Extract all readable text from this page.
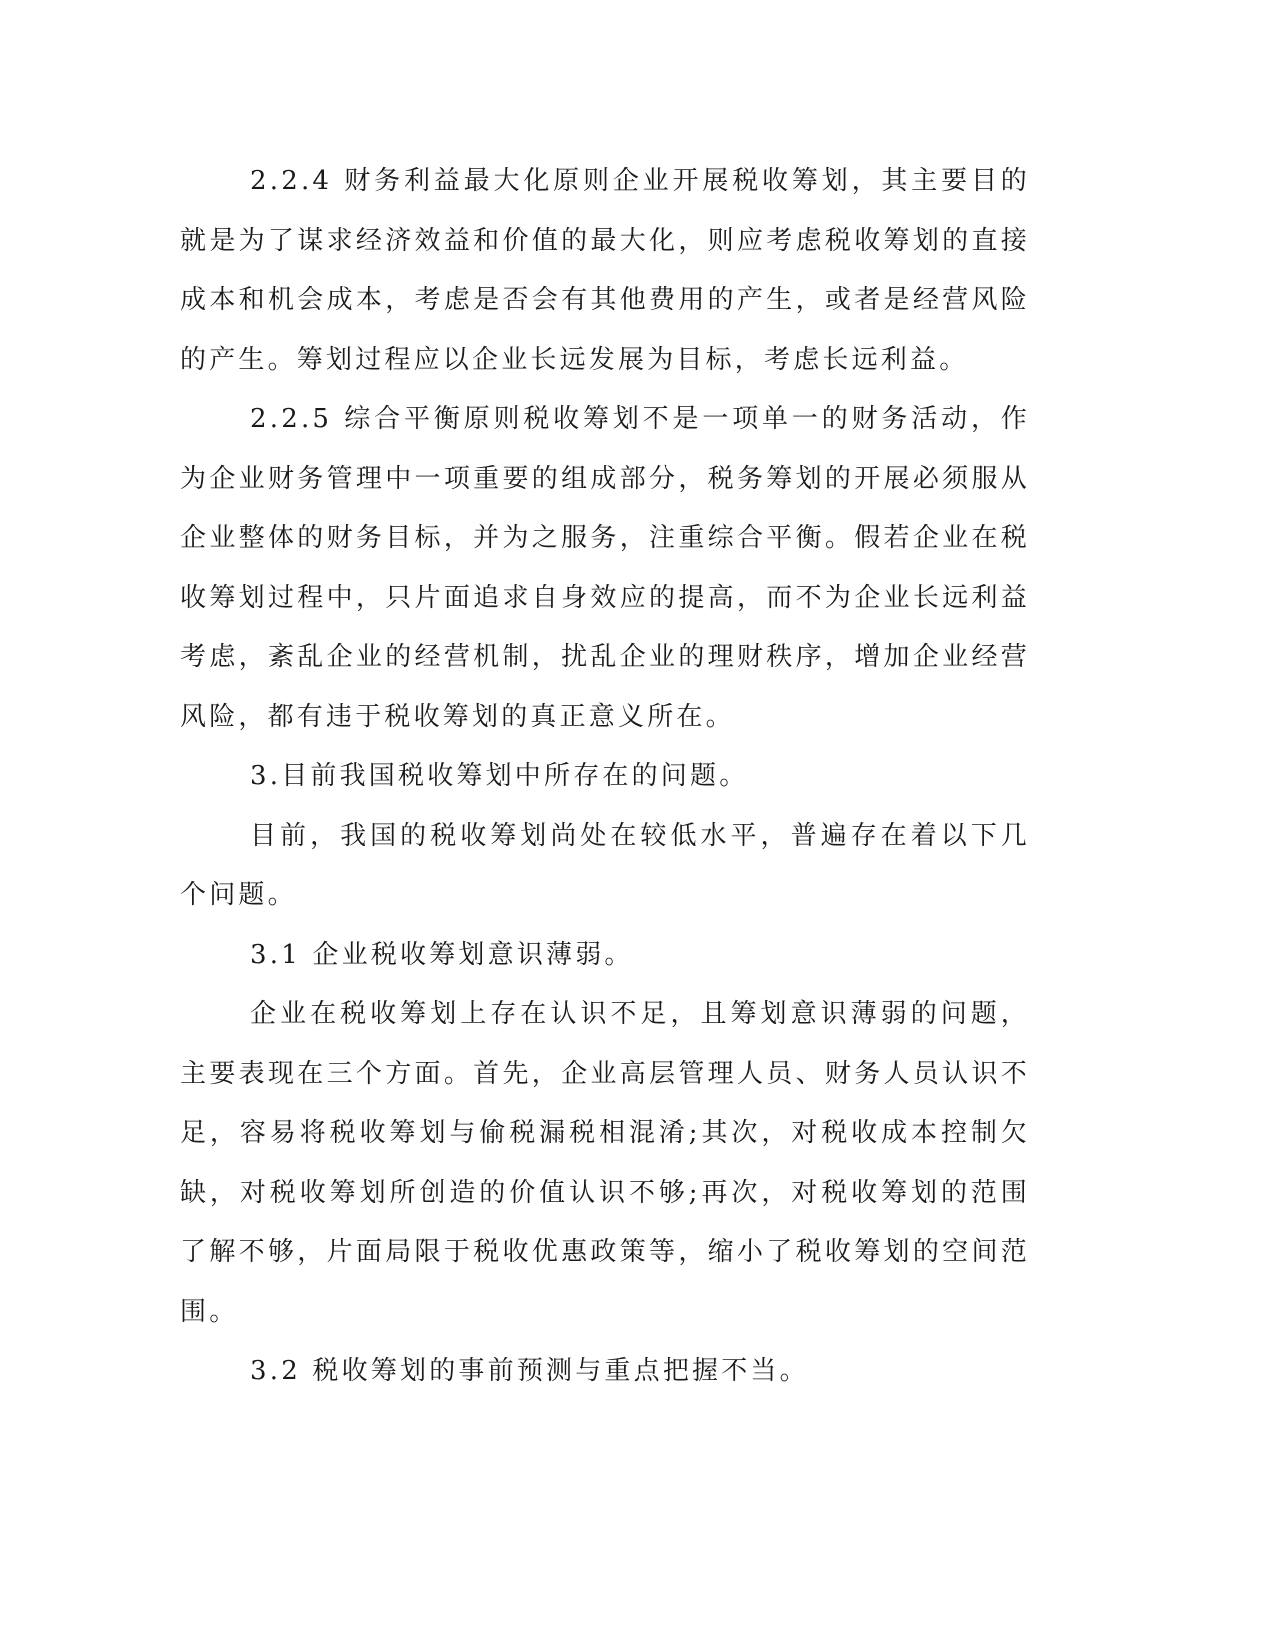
2.2.4 财务利益最大化原则企业开展税收筹划，其主要目的就是为了谋求经济效益和价值的最大化，则应考虑税收筹划的直接成本和机会成本，考虑是否会有其他费用的产生，或者是经营风险的产生。筹划过程应以企业长远发展为目标，考虑长远利益。

2.2.5 综合平衡原则税收筹划不是一项单一的财务活动，作为企业财务管理中一项重要的组成部分，税务筹划的开展必须服从企业整体的财务目标，并为之服务，注重综合平衡。假若企业在税收筹划过程中，只片面追求自身效应的提高，而不为企业长远利益考虑，紊乱企业的经营机制，扰乱企业的理财秩序，增加企业经营风险，都有违于税收筹划的真正意义所在。

3.目前我国税收筹划中所存在的问题。

目前，我国的税收筹划尚处在较低水平，普遍存在着以下几个问题。

3.1 企业税收筹划意识薄弱。

企业在税收筹划上存在认识不足，且筹划意识薄弱的问题，主要表现在三个方面。首先，企业高层管理人员、财务人员认识不足，容易将税收筹划与偷税漏税相混淆;其次，对税收成本控制欠缺，对税收筹划所创造的价值认识不够;再次，对税收筹划的范围了解不够，片面局限于税收优惠政策等，缩小了税收筹划的空间范围。

3.2 税收筹划的事前预测与重点把握不当。
